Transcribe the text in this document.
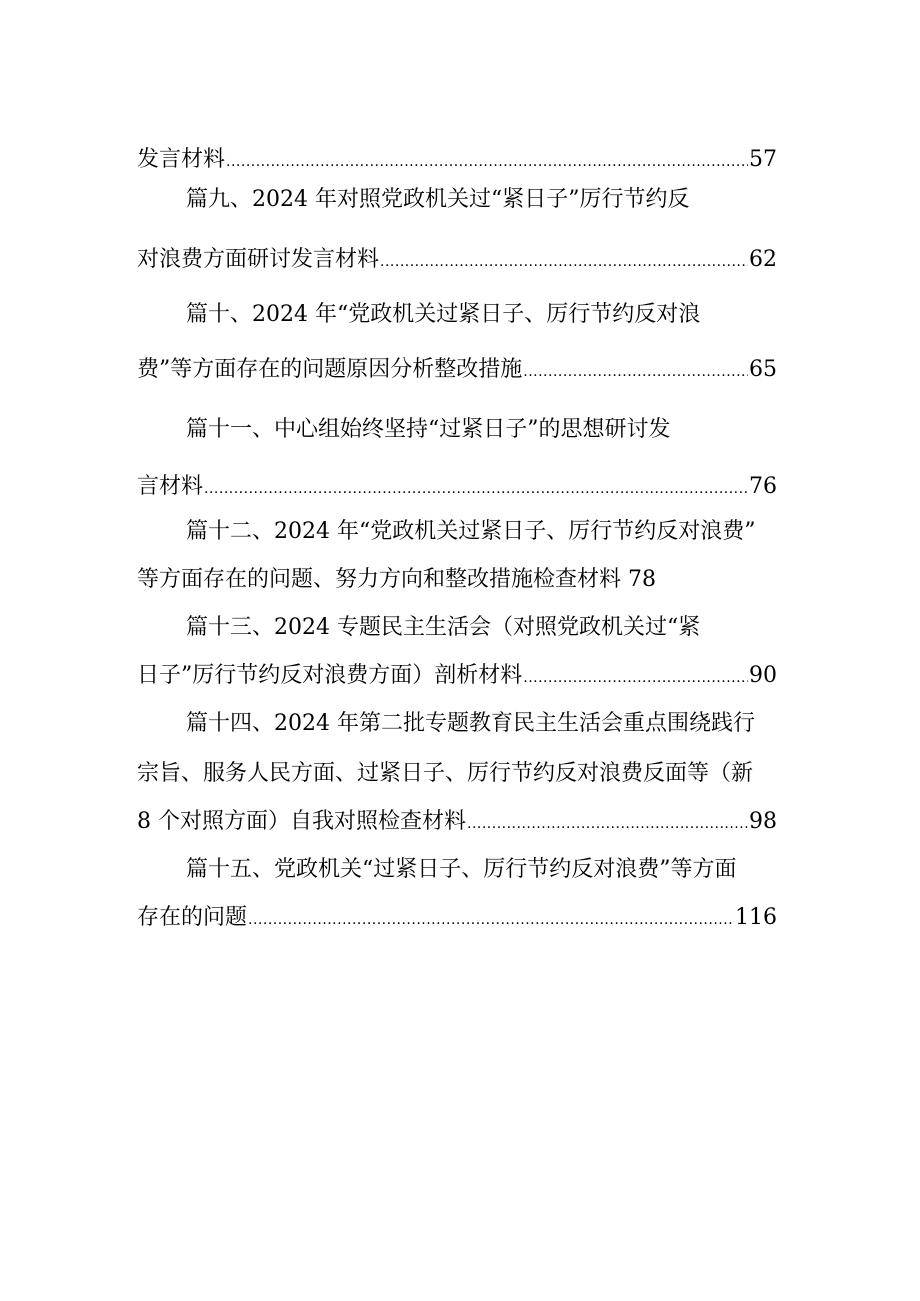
发言材料 .....	57
篇九、2024 年对照党政机关过“紧日子”厉行节约反
对浪费方面研讨发言材料 .....	62
篇十、2024 年“党政机关过紧日子、厉行节约反对浪
费”等方面存在的问题原因分析整改措施 .....	65
篇十一、中心组始终坚持“过紧日子”的思想研讨发
言材料 .....	76
篇十二、2024 年“党政机关过紧日子、厉行节约反对浪费”
等方面存在的问题、努力方向和整改措施检查材料 78
篇十三、2024 专题民主生活会（对照党政机关过“紧
日子”厉行节约反对浪费方面）剖析材料 .....	90
篇十四、2024 年第二批专题教育民主生活会重点围绕践行
宗旨、服务人民方面、过紧日子、厉行节约反对浪费反面等（新
8 个对照方面）自我对照检查材料 .....	98
篇十五、党政机关“过紧日子、厉行节约反对浪费”等方面
存在的问题 .....	116
